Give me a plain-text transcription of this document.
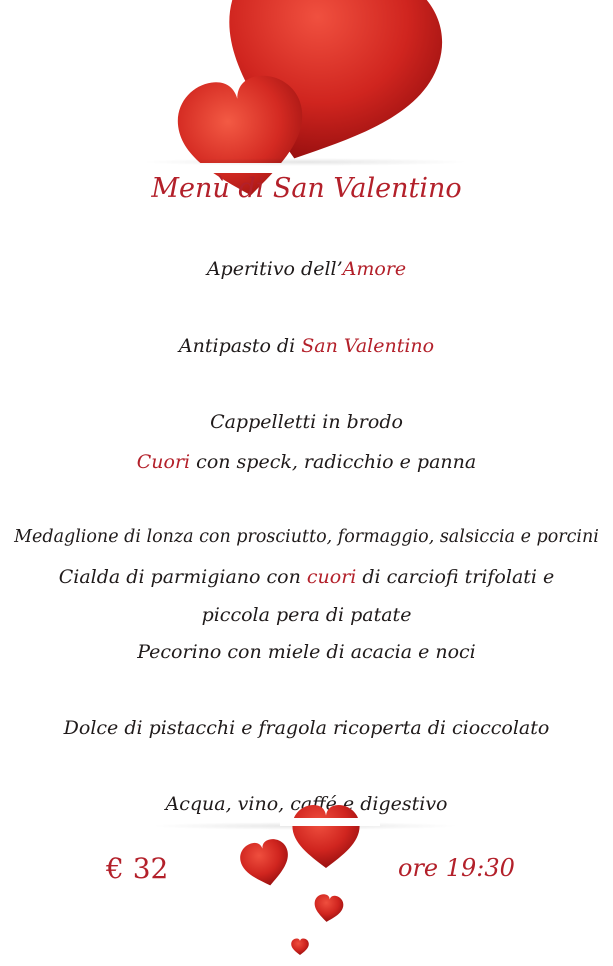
Menù di San Valentino
Aperitivo dell’Amore
Antipasto di San Valentino
Cappelletti in brodo
Cuori con speck, radicchio e panna
Medaglione di lonza con prosciutto, formaggio, salsiccia e porcini
Cialda di parmigiano con cuori di carciofi trifolati e
piccola pera di patate
Pecorino con miele di acacia e noci
Dolce di pistacchi e fragola ricoperta di cioccolato
Acqua, vino, caffé e digestivo
€ 32	ore 19:30
